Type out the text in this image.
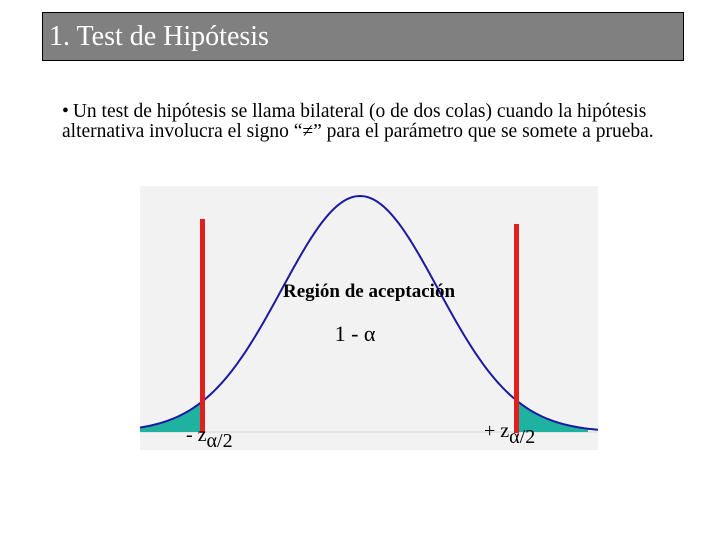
1. Test de Hipótesis
• Un test de hipótesis se llama bilateral (o de dos colas) cuando la hipótesis alternativa involucra el signo “≠” para el parámetro que se somete a prueba.
Región de aceptación
1 - α
- zα/2	+ zα/2
